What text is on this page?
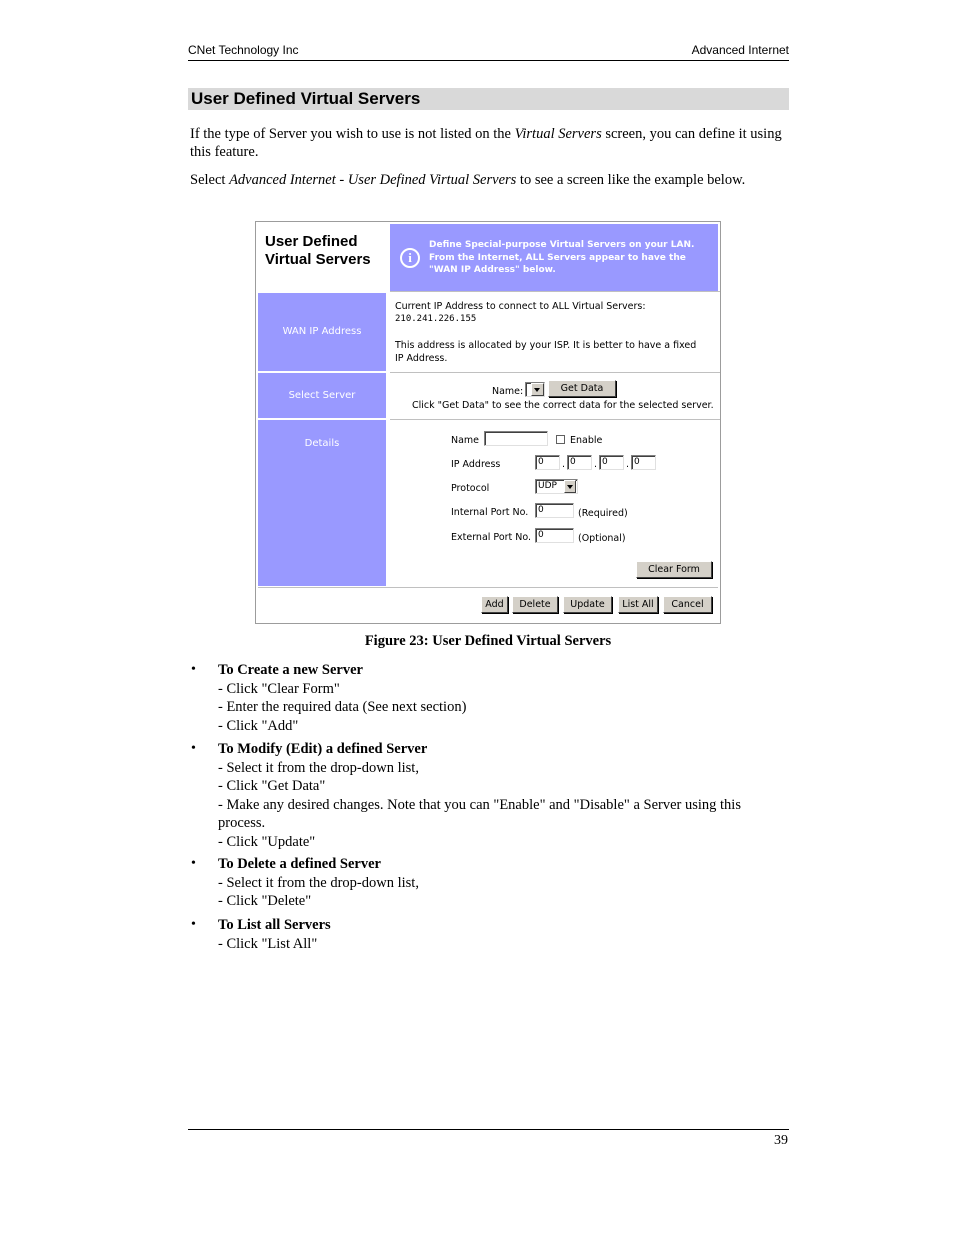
CNet Technology Inc	Advanced Internet
User Defined Virtual Servers
If the type of Server you wish to use is not listed on the Virtual Servers screen, you can define it using this feature.
Select Advanced Internet - User Defined Virtual Servers to see a screen like the example below.
User Defined Virtual Servers	i
Define Special-purpose Virtual Servers on your LAN. From the Internet, ALL Servers appear to have the "WAN IP Address" below.
WAN IP Address
Current IP Address to connect to ALL Virtual Servers:
210.241.226.155
This address is allocated by your ISP. It is better to have a fixed IP Address.
Select Server	Name:	Get Data
Click "Get Data" to see the correct data for the selected server.
Details	Name	Enable
IP Address	0	. 0	. 0	. 0
Protocol	UDP
Internal Port No.	0	(Required)
External Port No. 0	(Optional)
Clear Form
Add	Delete	Update	List All	Cancel
Figure 23: User Defined Virtual Servers
• To Create a new Server
- Click "Clear Form"
- Enter the required data (See next section)
- Click "Add"
• To Modify (Edit) a defined Server
- Select it from the drop-down list,
- Click "Get Data"
- Make any desired changes. Note that you can "Enable" and "Disable" a Server using this process.
- Click "Update"
• To Delete a defined Server
- Select it from the drop-down list,
- Click "Delete"
• To List all Servers
- Click "List All"
39
